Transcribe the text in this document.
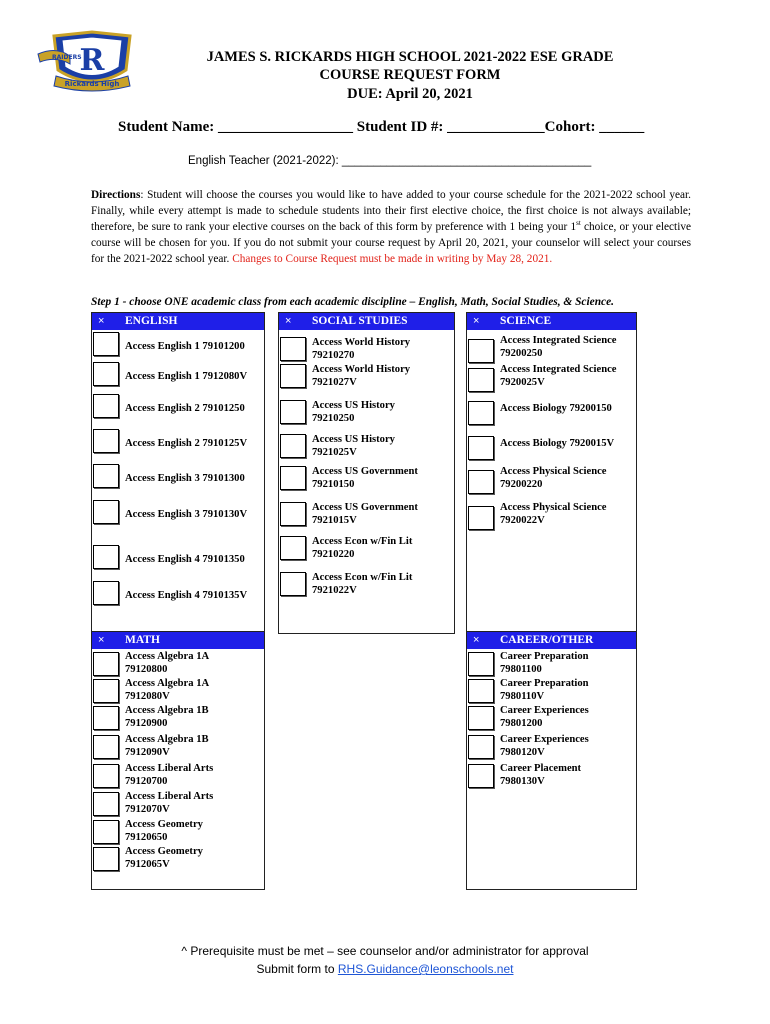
R
RAIDERS
Rickards High
JAMES S. RICKARDS HIGH SCHOOL 2021-2022 ESE GRADE
COURSE REQUEST FORM
DUE: April 20, 2021
Student Name: __________________ Student ID #: _____________Cohort: ______
English Teacher (2021-2022): _______________________________________
Directions: Student will choose the courses you would like to have added to your course schedule for the 2021-2022 school year. Finally, while every attempt is made to schedule students into their first elective choice, the first choice is not always available; therefore, be sure to rank your elective courses on the back of this form by preference with 1 being your 1st choice, or your elective course will be chosen for you. If you do not submit your course request by April 20, 2021, your counselor will select your courses for the 2021-2022 school year. Changes to Course Request must be made in writing by May 28, 2021.
Step 1 - choose ONE academic class from each academic discipline – English, Math, Social Studies, & Science.
× ENGLISH
Access English 1 79101200
Access English 1 7912080V
Access English 2 79101250
Access English 2 7910125V
Access English 3 79101300
Access English 3 7910130V
Access English 4 79101350
Access English 4 7910135V
× SOCIAL STUDIES
Access World History
79210270
Access World History
7921027V
Access US History
79210250
Access US History
7921025V
Access US Government
79210150
Access US Government
7921015V
Access Econ w/Fin Lit
79210220
Access Econ w/Fin Lit
7921022V
× SCIENCE
Access Integrated Science
79200250
Access Integrated Science
7920025V
Access Biology 79200150
Access Biology 7920015V
Access Physical Science
79200220
Access Physical Science
7920022V
× MATH
Access Algebra 1A
79120800
Access Algebra 1A
7912080V
Access Algebra 1B
79120900
Access Algebra 1B
7912090V
Access Liberal Arts
79120700
Access Liberal Arts
7912070V
Access Geometry
79120650
Access Geometry
7912065V
× CAREER/OTHER
Career Preparation
79801100
Career Preparation
7980110V
Career Experiences
79801200
Career Experiences
7980120V
Career Placement
7980130V
^ Prerequisite must be met – see counselor and/or administrator for approval
Submit form to RHS.Guidance@leonschools.net
